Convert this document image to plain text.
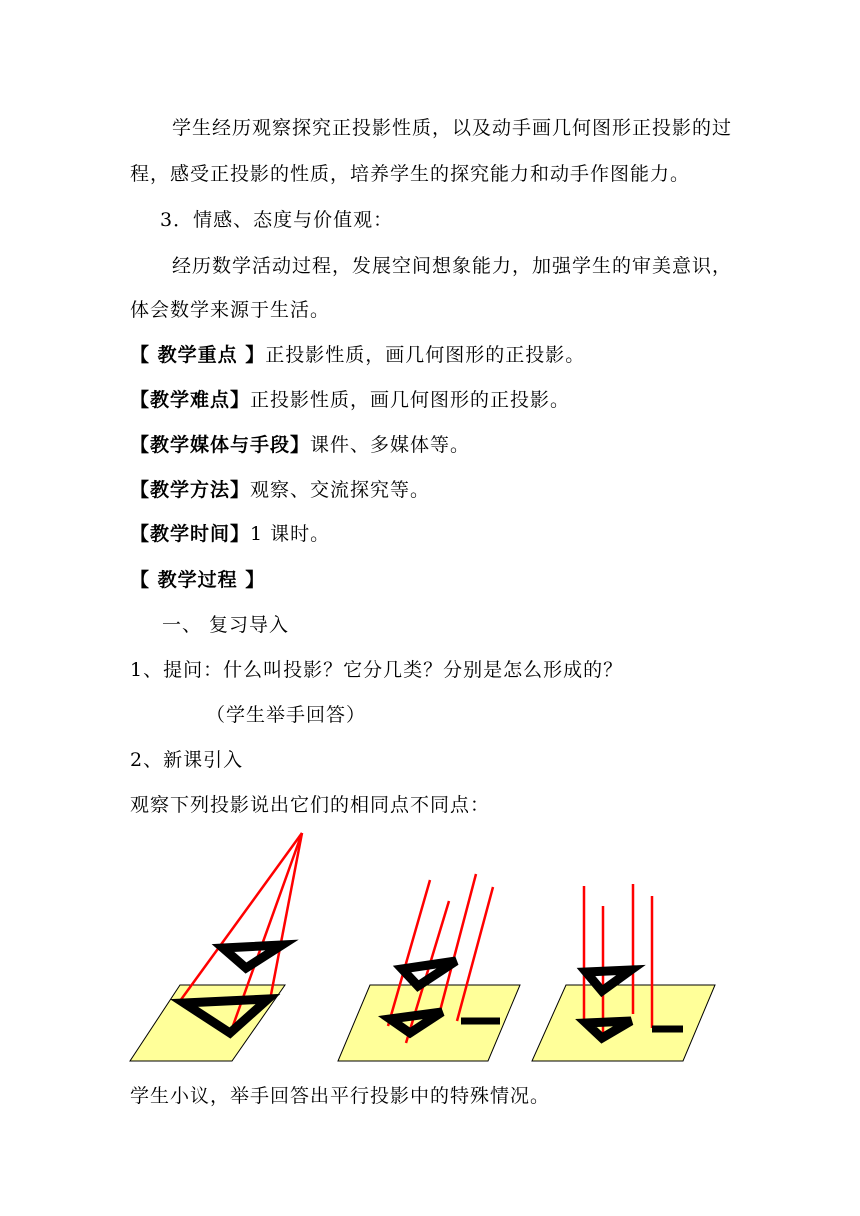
学生经历观察探究正投影性质，以及动手画几何图形正投影的过
程，感受正投影的性质，培养学生的探究能力和动手作图能力。
3．情感、态度与价值观：
经历数学活动过程，发展空间想象能力，加强学生的审美意识，
体会数学来源于生活。
【 教学重点 】正投影性质，画几何图形的正投影。
【教学难点】正投影性质，画几何图形的正投影。
【教学媒体与手段】课件、多媒体等。
【教学方法】观察、交流探究等。
【教学时间】1 课时。
【 教学过程 】
一、 复习导入
1、提问：什么叫投影？它分几类？分别是怎么形成的？
（学生举手回答）
2、新课引入
观察下列投影说出它们的相同点不同点：
学生小议，举手回答出平行投影中的特殊情况。
